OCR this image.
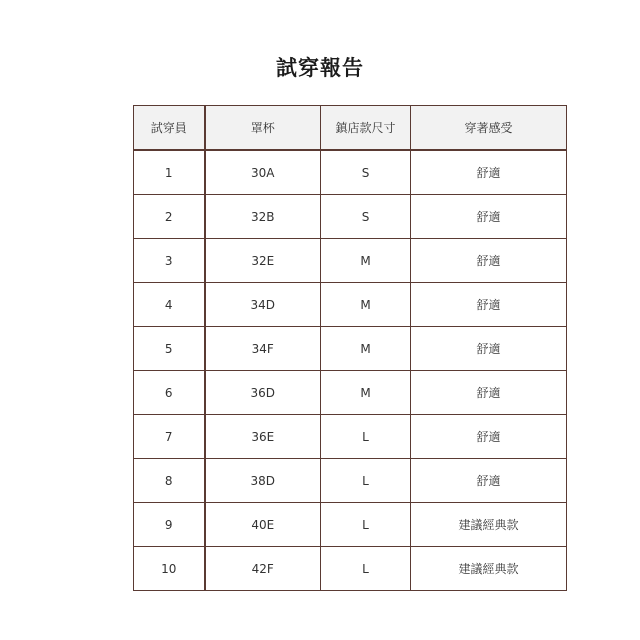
試穿報告
試穿員	罩杯	鎮店款尺寸	穿著感受
1	30A	S	舒適
2	32B	S	舒適
3	32E	M	舒適
4	34D	M	舒適
5	34F	M	舒適
6	36D	M	舒適
7	36E	L	舒適
8	38D	L	舒適
9	40E	L	建議經典款
10	42F	L	建議經典款
